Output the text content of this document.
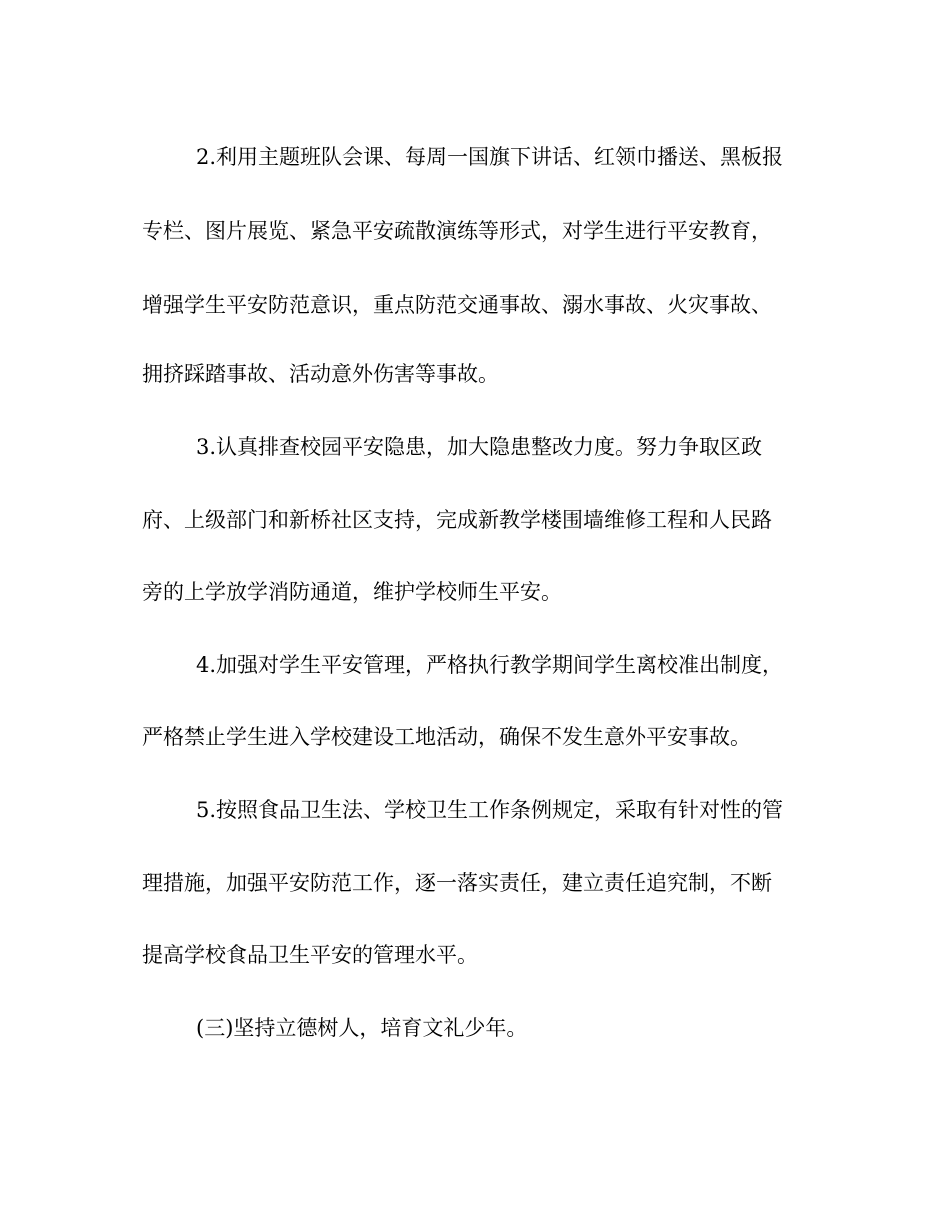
2.利用主题班队会课、每周一国旗下讲话、红领巾播送、黑板报
专栏、图片展览、紧急平安疏散演练等形式，对学生进行平安教育，
增强学生平安防范意识，重点防范交通事故、溺水事故、火灾事故、
拥挤踩踏事故、活动意外伤害等事故。
3.认真排查校园平安隐患，加大隐患整改力度。努力争取区政
府、上级部门和新桥社区支持，完成新教学楼围墙维修工程和人民路
旁的上学放学消防通道，维护学校师生平安。
4.加强对学生平安管理，严格执行教学期间学生离校准出制度，
严格禁止学生进入学校建设工地活动，确保不发生意外平安事故。
5.按照食品卫生法、学校卫生工作条例规定，采取有针对性的管
理措施，加强平安防范工作，逐一落实责任，建立责任追究制，不断
提高学校食品卫生平安的管理水平。
(三)坚持立德树人，培育文礼少年。
